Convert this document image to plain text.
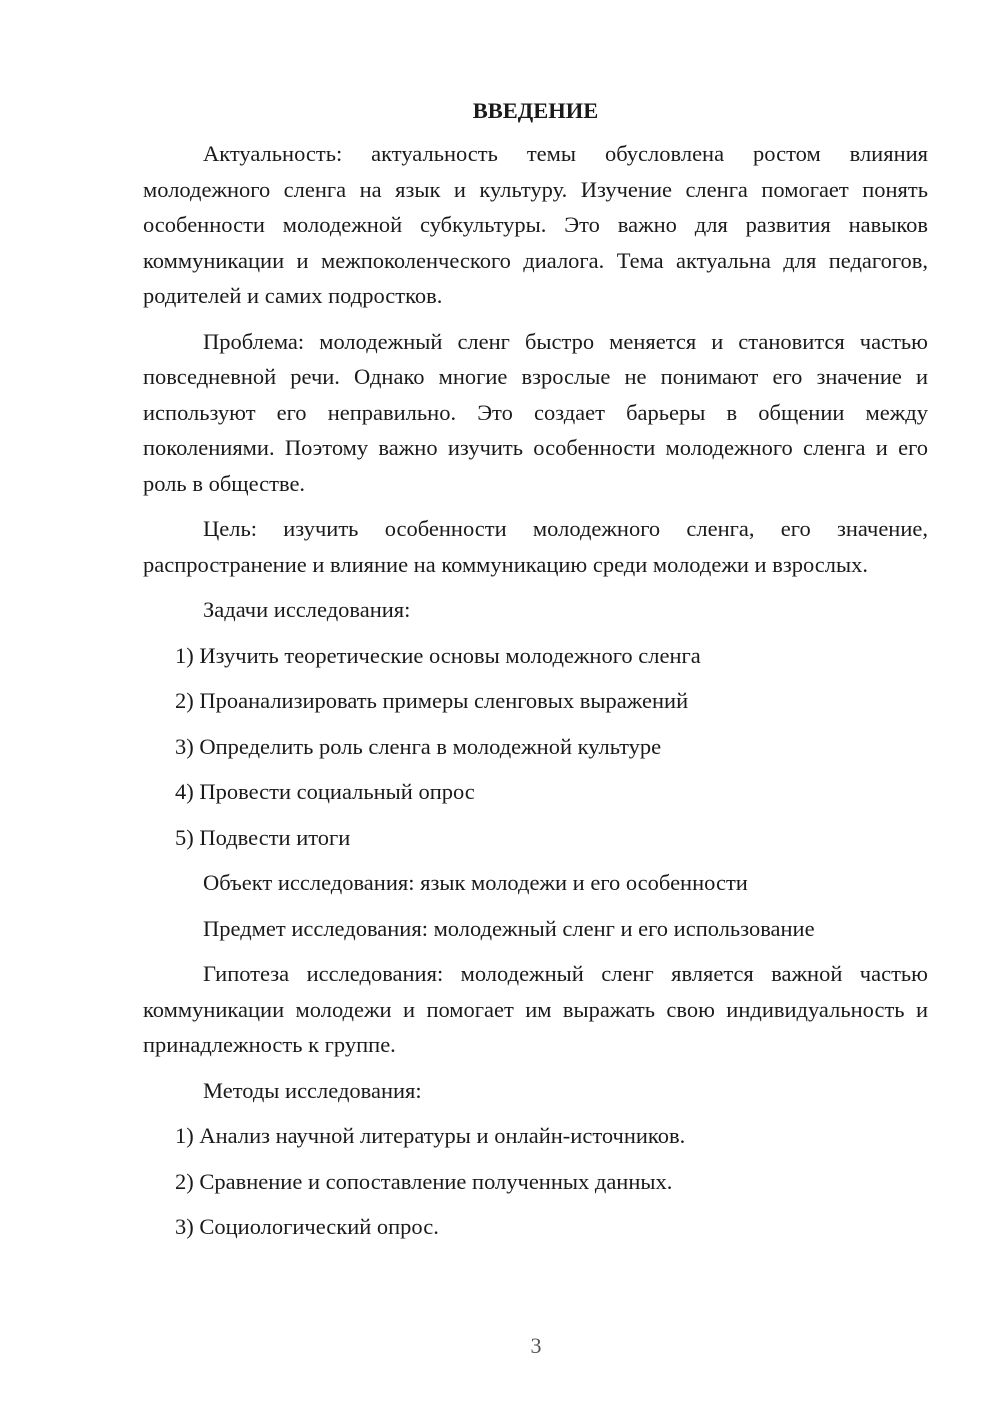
ВВЕДЕНИЕ

Актуальность: актуальность темы обусловлена ростом влияния молодежного сленга на язык и культуру. Изучение сленга помогает понять особенности молодежной субкультуры. Это важно для развития навыков коммуникации и межпоколенческого диалога. Тема актуальна для педагогов, родителей и самих подростков.

Проблема: молодежный сленг быстро меняется и становится частью повседневной речи. Однако многие взрослые не понимают его значение и используют его неправильно. Это создает барьеры в общении между поколениями. Поэтому важно изучить особенности молодежного сленга и его роль в обществе.

Цель: изучить особенности молодежного сленга, его значение, распространение и влияние на коммуникацию среди молодежи и взрослых.

Задачи исследования:

1) Изучить теоретические основы молодежного сленга

2) Проанализировать примеры сленговых выражений

3) Определить роль сленга в молодежной культуре

4) Провести социальный опрос

5) Подвести итоги

Объект исследования: язык молодежи и его особенности

Предмет исследования: молодежный сленг и его использование

Гипотеза исследования: молодежный сленг является важной частью коммуникации молодежи и помогает им выражать свою индивидуальность и принадлежность к группе.

Методы исследования:

1) Анализ научной литературы и онлайн-источников.

2) Сравнение и сопоставление полученных данных.

3) Социологический опрос.

3
